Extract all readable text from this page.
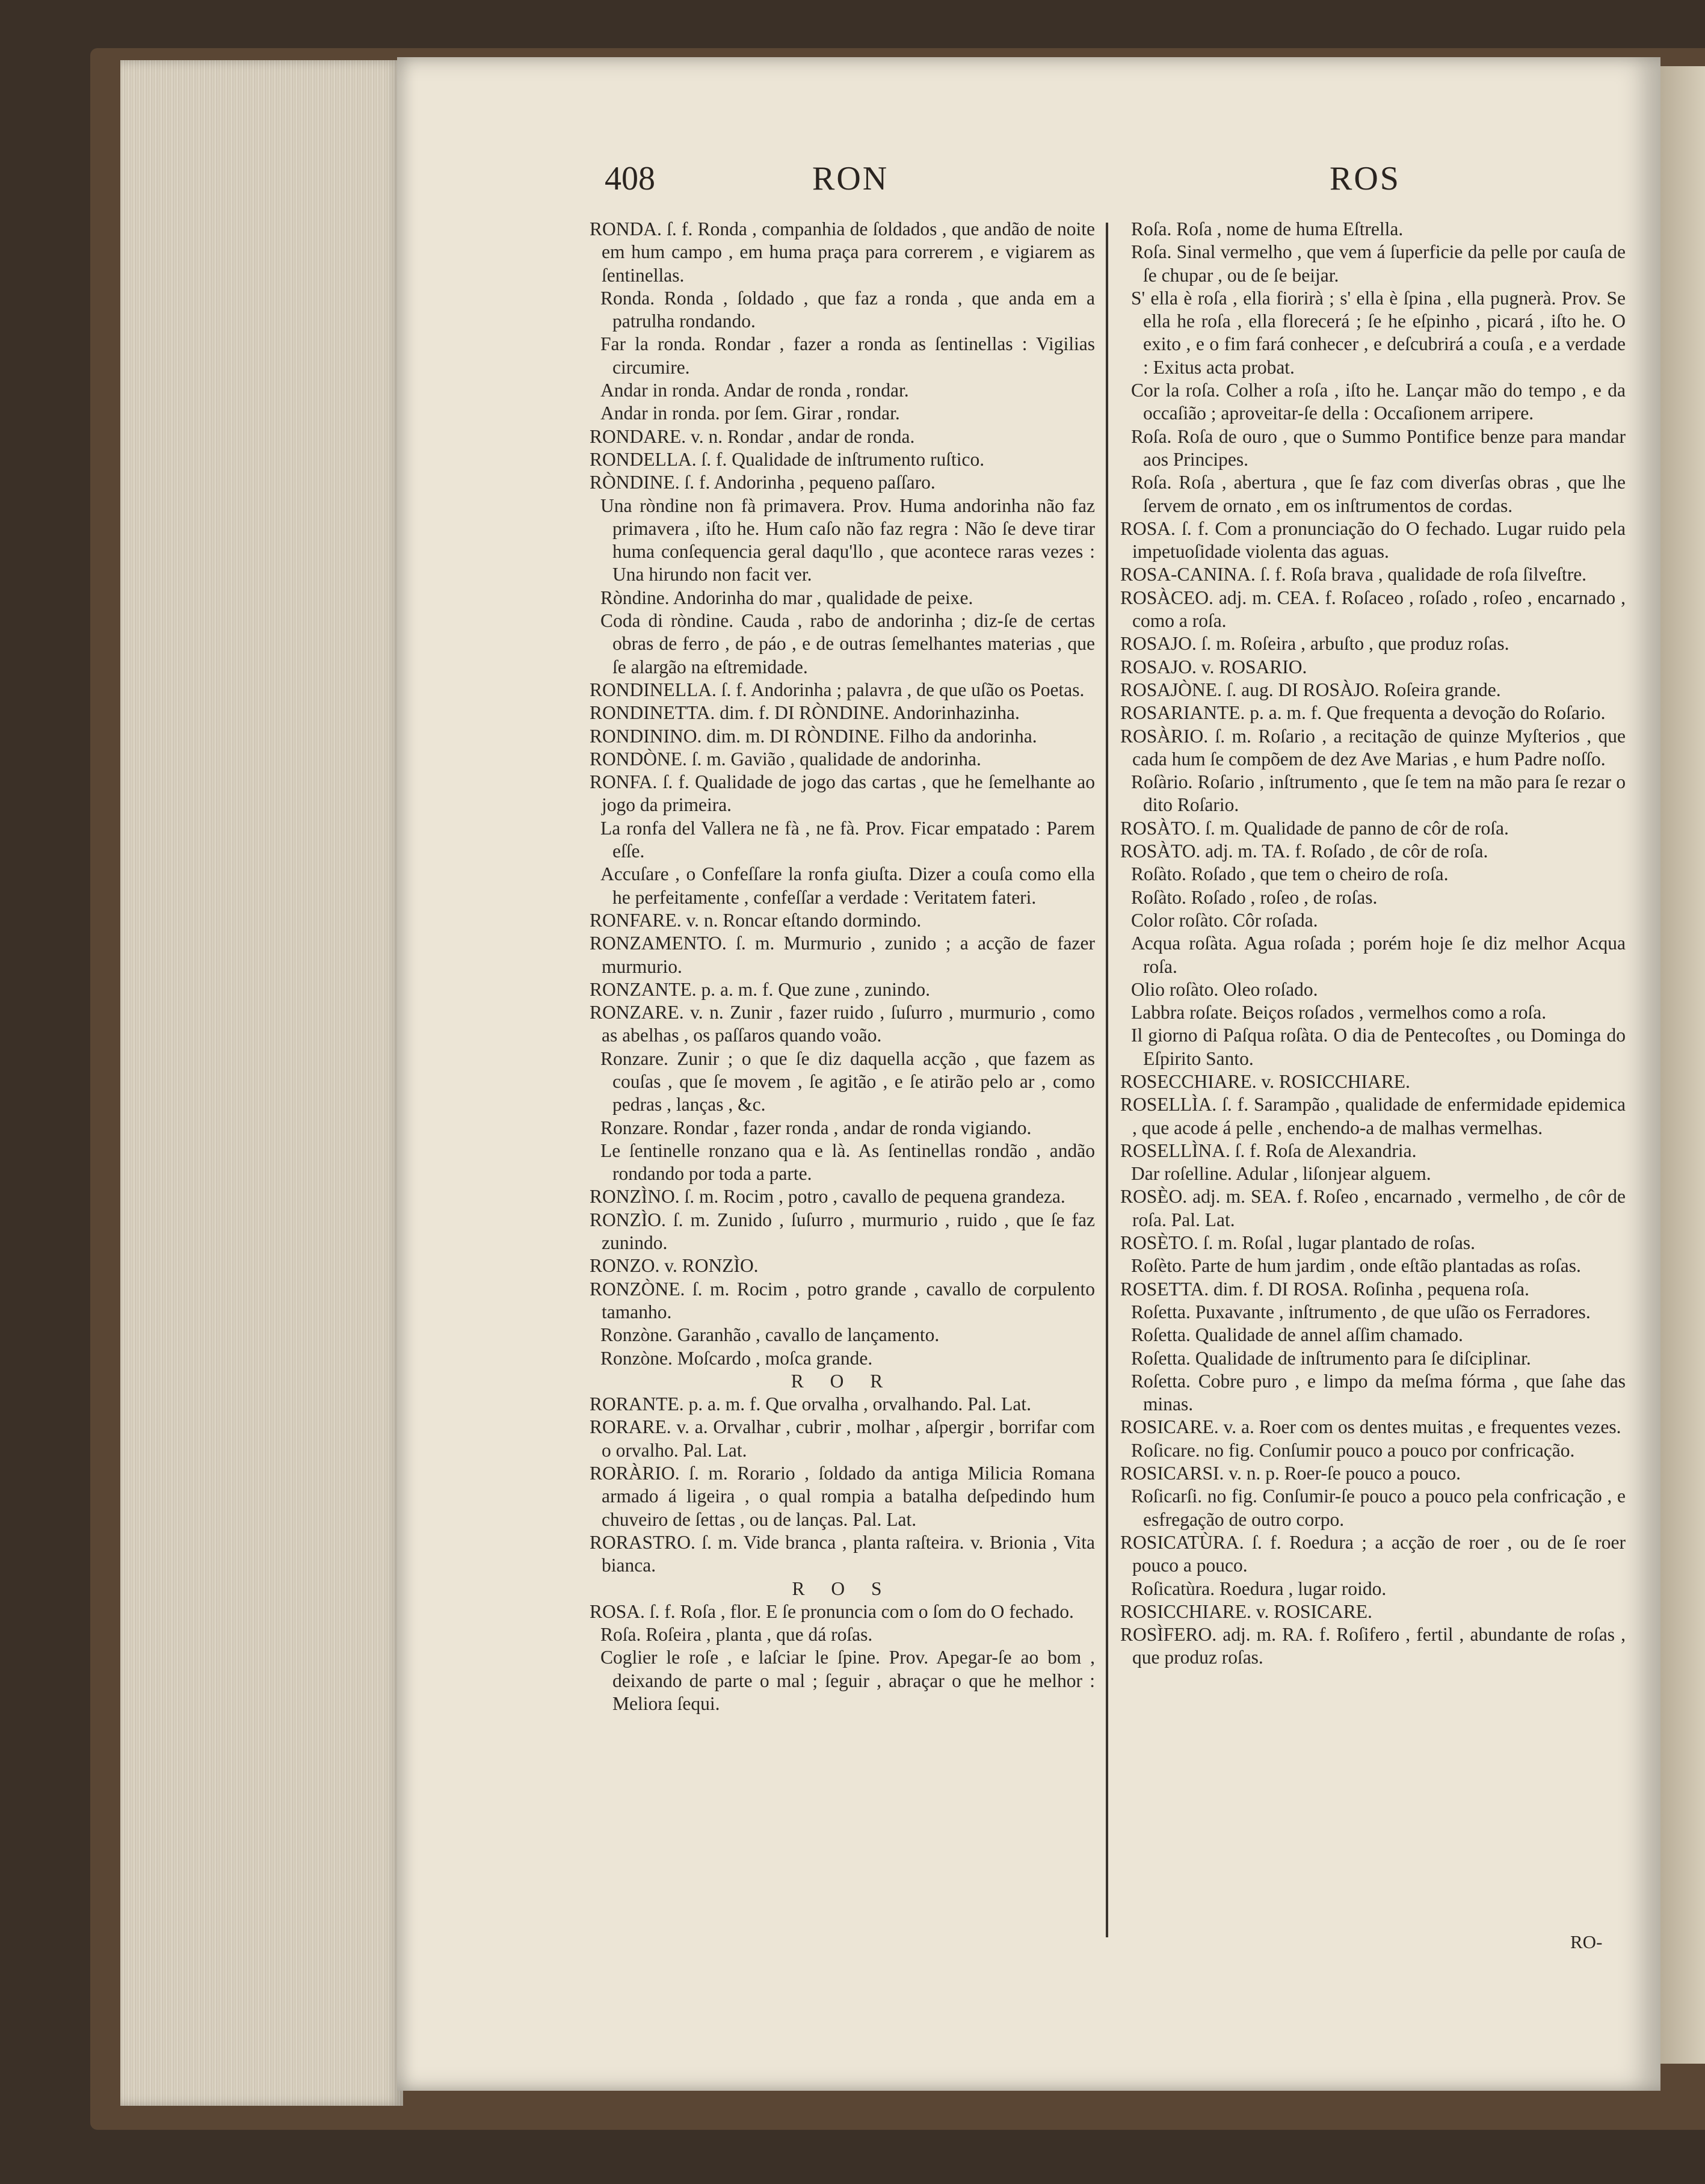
408	RON	ROS

RONDA. ſ. f. Ronda , companhia de ſoldados , que andão de noite em hum campo , em huma praça para correrem , e vigiarem as ſentinellas.

Ronda. Ronda , ſoldado , que faz a ronda , que anda em a patrulha rondando.

Far la ronda. Rondar , fazer a ronda as ſentinellas : Vigilias circumire.

Andar in ronda. Andar de ronda , rondar.

Andar in ronda. por ſem. Girar , rondar.

RONDARE. v. n. Rondar , andar de ronda.

RONDELLA. ſ. f. Qualidade de inſtrumento ruſtico.

RÒNDINE. ſ. f. Andorinha , pequeno paſſaro.

Una ròndine non fà primavera. Prov. Huma andorinha não faz primavera , iſto he. Hum caſo não faz regra : Não ſe deve tirar huma conſequencia geral daqu'llo , que acontece raras vezes : Una hirundo non facit ver.

Ròndine. Andorinha do mar , qualidade de peixe.

Coda di ròndine. Cauda , rabo de andorinha ; diz-ſe de certas obras de ferro , de páo , e de outras ſemelhantes materias , que ſe alargão na eſtremidade.

RONDINELLA. ſ. f. Andorinha ; palavra , de que uſão os Poetas.

RONDINETTA. dim. f. DI RÒNDINE. Andorinhazinha.

RONDININO. dim. m. DI RÒNDINE. Filho da andorinha.

RONDÒNE. ſ. m. Gavião , qualidade de andorinha.

RONFA. ſ. f. Qualidade de jogo das cartas , que he ſemelhante ao jogo da primeira.

La ronfa del Vallera ne fà , ne fà. Prov. Ficar empatado : Parem eſſe.

Accuſare , o Confeſſare la ronfa giuſta. Dizer a couſa como ella he perfeitamente , confeſſar a verdade : Veritatem fateri.

RONFARE. v. n. Roncar eſtando dormindo.

RONZAMENTO. ſ. m. Murmurio , zunido ; a acção de fazer murmurio.

RONZANTE. p. a. m. f. Que zune , zunindo.

RONZARE. v. n. Zunir , fazer ruido , ſuſurro , murmurio , como as abelhas , os paſſaros quando voão.

Ronzare. Zunir ; o que ſe diz daquella acção , que fazem as couſas , que ſe movem , ſe agitão , e ſe atirão pelo ar , como pedras , lanças , &c.

Ronzare. Rondar , fazer ronda , andar de ronda vigiando.

Le ſentinelle ronzano qua e là. As ſentinellas rondão , andão rondando por toda a parte.

RONZÌNO. ſ. m. Rocim , potro , cavallo de pequena grandeza.

RONZÌO. ſ. m. Zunido , ſuſurro , murmurio , ruido , que ſe faz zunindo.

RONZO. v. RONZÌO.

RONZÒNE. ſ. m. Rocim , potro grande , cavallo de corpulento tamanho.

Ronzòne. Garanhão , cavallo de lançamento.

Ronzòne. Moſcardo , moſca grande.

R O R

RORANTE. p. a. m. f. Que orvalha , orvalhando. Pal. Lat.

RORARE. v. a. Orvalhar , cubrir , molhar , aſpergir , borrifar com o orvalho. Pal. Lat.

RORÀRIO. ſ. m. Rorario , ſoldado da antiga Milicia Romana armado á ligeira , o qual rompia a batalha deſpedindo hum chuveiro de ſettas , ou de lanças. Pal. Lat.

RORASTRO. ſ. m. Vide branca , planta raſteira. v. Brionia , Vita bianca.

R O S

ROSA. ſ. f. Roſa , flor. E ſe pronuncia com o ſom do O fechado.

Roſa. Roſeira , planta , que dá roſas.

Coglier le roſe , e laſciar le ſpine. Prov. Apegar-ſe ao bom , deixando de parte o mal ; ſeguir , abraçar o que he melhor : Meliora ſequi.

Roſa. Roſa , nome de huma Eſtrella.

Roſa. Sinal vermelho , que vem á ſuperficie da pelle por cauſa de ſe chupar , ou de ſe beijar.

S' ella è roſa , ella fiorirà ; s' ella è ſpina , ella pugnerà. Prov. Se ella he roſa , ella florecerá ; ſe he eſpinho , picará , iſto he. O exito , e o fim fará conhecer , e deſcubrirá a couſa , e a verdade : Exitus acta probat.

Cor la roſa. Colher a roſa , iſto he. Lançar mão do tempo , e da occaſião ; aproveitar-ſe della : Occaſionem arripere.

Roſa. Roſa de ouro , que o Summo Pontifice benze para mandar aos Principes.

Roſa. Roſa , abertura , que ſe faz com diverſas obras , que lhe ſervem de ornato , em os inſtrumentos de cordas.

ROSA. ſ. f. Com a pronunciação do O fechado. Lugar ruido pela impetuoſidade violenta das aguas.

ROSA-CANINA. ſ. f. Roſa brava , qualidade de roſa ſilveſtre.

ROSÀCEO. adj. m. CEA. f. Roſaceo , roſado , roſeo , encarnado , como a roſa.

ROSAJO. ſ. m. Roſeira , arbuſto , que produz roſas.

ROSAJO. v. ROSARIO.

ROSAJÒNE. ſ. aug. DI ROSÀJO. Roſeira grande.

ROSARIANTE. p. a. m. f. Que frequenta a devoção do Roſario.

ROSÀRIO. ſ. m. Roſario , a recitação de quinze Myſterios , que cada hum ſe compõem de dez Ave Marias , e hum Padre noſſo.

Roſàrio. Roſario , inſtrumento , que ſe tem na mão para ſe rezar o dito Roſario.

ROSÀTO. ſ. m. Qualidade de panno de côr de roſa.

ROSÀTO. adj. m. TA. f. Roſado , de côr de roſa.

Roſàto. Roſado , que tem o cheiro de roſa.

Roſàto. Roſado , roſeo , de roſas.

Color roſàto. Côr roſada.

Acqua roſàta. Agua roſada ; porém hoje ſe diz melhor Acqua roſa.

Olio roſàto. Oleo roſado.

Labbra roſate. Beiços roſados , vermelhos como a roſa.

Il giorno di Paſqua roſàta. O dia de Pentecoſtes , ou Dominga do Eſpirito Santo.

ROSECCHIARE. v. ROSICCHIARE.

ROSELLÌA. ſ. f. Sarampão , qualidade de enfermidade epidemica , que acode á pelle , enchendo-a de malhas vermelhas.

ROSELLÌNA. ſ. f. Roſa de Alexandria.

Dar roſelline. Adular , liſonjear alguem.

ROSÈO. adj. m. SEA. f. Roſeo , encarnado , vermelho , de côr de roſa. Pal. Lat.

ROSÈTO. ſ. m. Roſal , lugar plantado de roſas.

Roſèto. Parte de hum jardim , onde eſtão plantadas as roſas.

ROSETTA. dim. f. DI ROSA. Roſinha , pequena roſa.

Roſetta. Puxavante , inſtrumento , de que uſão os Ferradores.

Roſetta. Qualidade de annel aſſim chamado.

Roſetta. Qualidade de inſtrumento para ſe diſciplinar.

Roſetta. Cobre puro , e limpo da meſma fórma , que ſahe das minas.

ROSICARE. v. a. Roer com os dentes muitas , e frequentes vezes.

Roſicare. no fig. Conſumir pouco a pouco por confricação.

ROSICARSI. v. n. p. Roer-ſe pouco a pouco.

Roſicarſi. no fig. Conſumir-ſe pouco a pouco pela confricação , e esfregação de outro corpo.

ROSICATÙRA. ſ. f. Roedura ; a acção de roer , ou de ſe roer pouco a pouco.

Roſicatùra. Roedura , lugar roido.

ROSICCHIARE. v. ROSICARE.

ROSÌFERO. adj. m. RA. f. Roſifero , fertil , abundante de roſas , que produz roſas.

RO-
